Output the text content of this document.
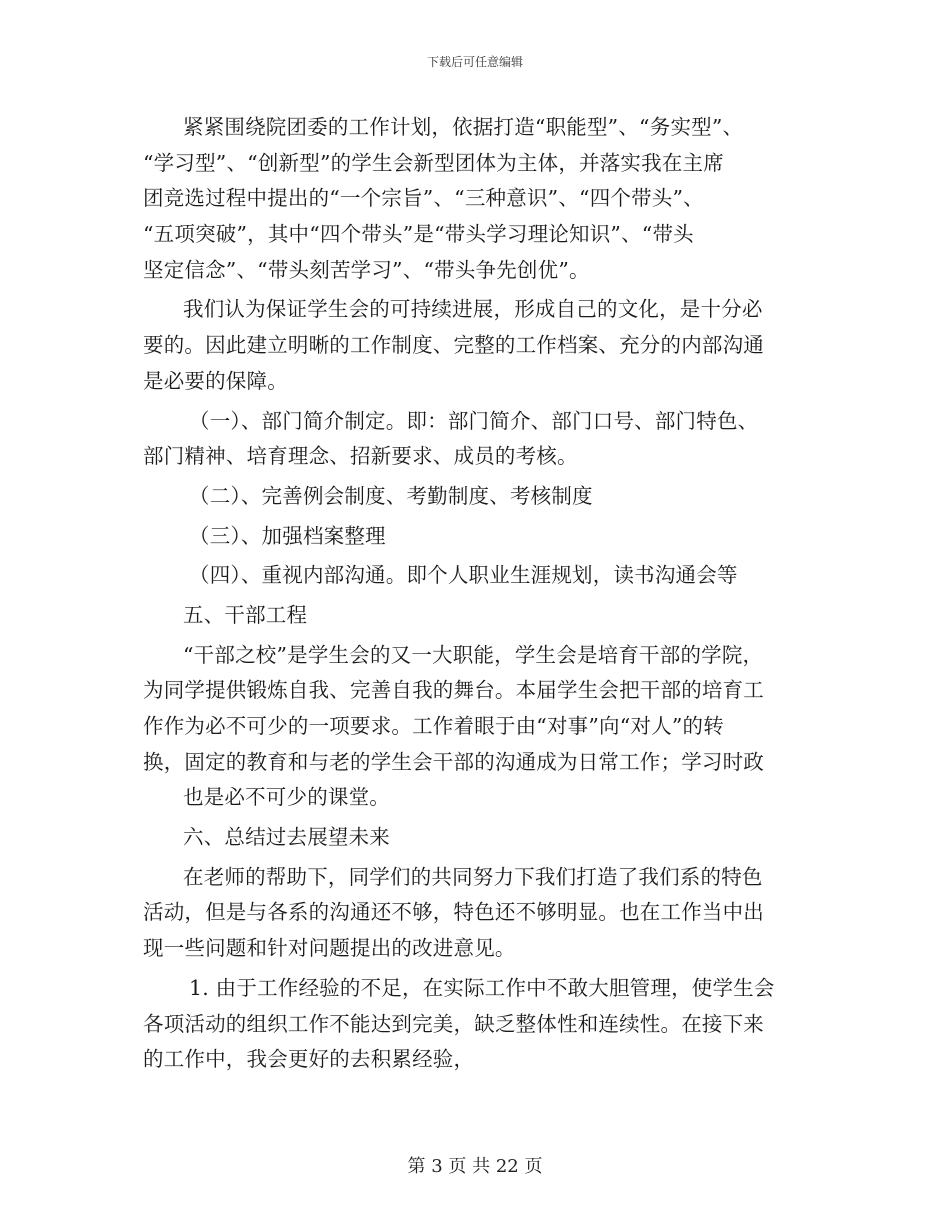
下载后可任意编辑
紧紧围绕院团委的工作计划，依据打造“职能型”、“务实型”、
“学习型”、“创新型”的学生会新型团体为主体，并落实我在主席
团竞选过程中提出的“一个宗旨”、“三种意识”、“四个带头”、
“五项突破”，其中“四个带头”是“带头学习理论知识”、“带头
坚定信念”、“带头刻苦学习”、“带头争先创优”。
我们认为保证学生会的可持续进展，形成自己的文化，是十分必
要的。因此建立明晰的工作制度、完整的工作档案、充分的内部沟通
是必要的保障。
（一）、部门简介制定。即：部门简介、部门口号、部门特色、
部门精神、培育理念、招新要求、成员的考核。
（二）、完善例会制度、考勤制度、考核制度
（三）、加强档案整理
（四）、重视内部沟通。即个人职业生涯规划，读书沟通会等
五、干部工程
“干部之校”是学生会的又一大职能，学生会是培育干部的学院，
为同学提供锻炼自我、完善自我的舞台。本届学生会把干部的培育工
作作为必不可少的一项要求。工作着眼于由“对事”向“对人”的转
换，固定的教育和与老的学生会干部的沟通成为日常工作；学习时政
也是必不可少的课堂。
六、总结过去展望未来
在老师的帮助下，同学们的共同努力下我们打造了我们系的特色
活动，但是与各系的沟通还不够，特色还不够明显。也在工作当中出
现一些问题和针对问题提出的改进意见。
1. 由于工作经验的不足，在实际工作中不敢大胆管理，使学生会
各项活动的组织工作不能达到完美，缺乏整体性和连续性。在接下来
的工作中，我会更好的去积累经验，
第 3 页 共 22 页
